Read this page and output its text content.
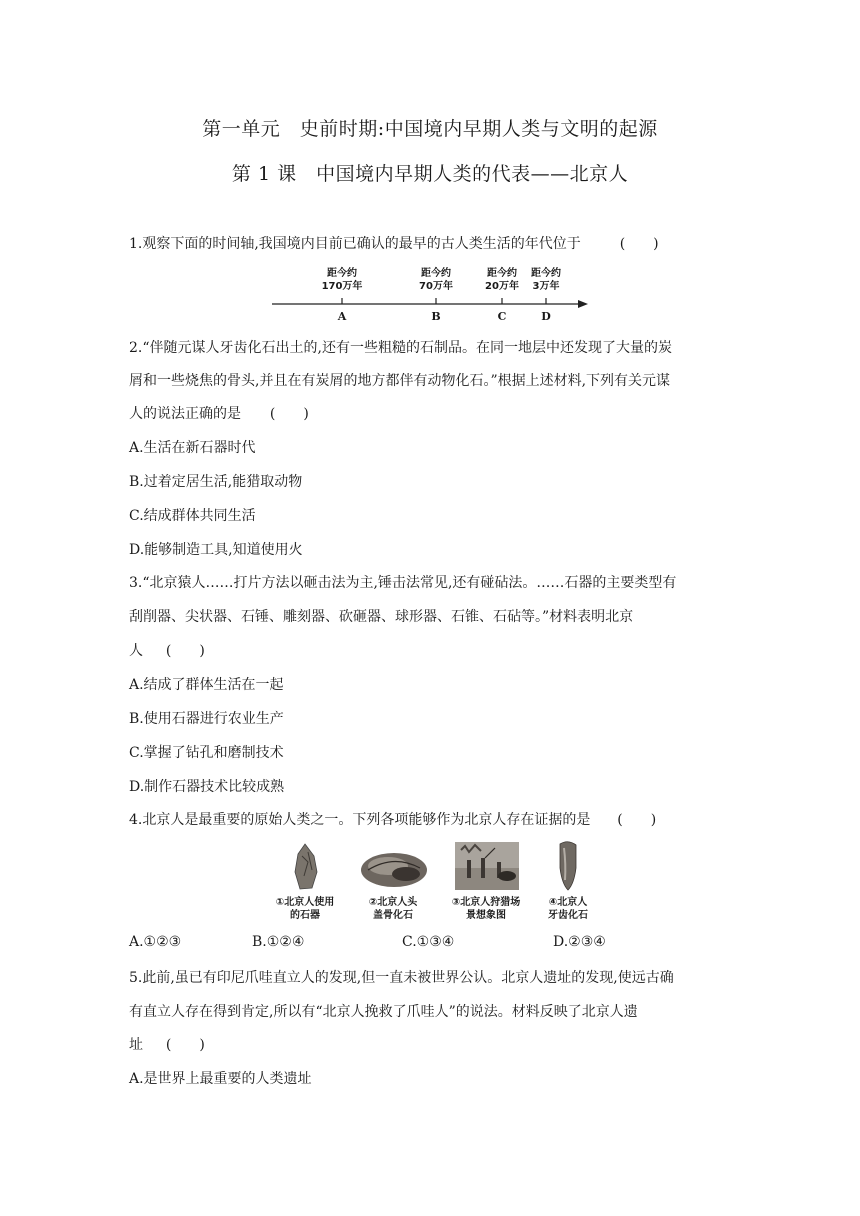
第一单元　史前时期:中国境内早期人类与文明的起源
第 1 课　中国境内早期人类的代表——北京人
1.观察下面的时间轴,我国境内目前已确认的最早的古人类生活的年代位于	(　　)
距今约
170万年
距今约
70万年
距今约
20万年
距今约
3万年
A	B	C	D
2.“伴随元谋人牙齿化石出土的,还有一些粗糙的石制品。在同一地层中还发现了大量的炭
屑和一些烧焦的骨头,并且在有炭屑的地方都伴有动物化石。”根据上述材料,下列有关元谋
人的说法正确的是 (　　)
A.生活在新石器时代
B.过着定居生活,能猎取动物
C.结成群体共同生活
D.能够制造工具,知道使用火
3.“北京猿人……打片方法以砸击法为主,锤击法常见,还有碰砧法。……石器的主要类型有
刮削器、尖状器、石锤、雕刻器、砍砸器、球形器、石锥、石砧等。”材料表明北京
人 (　　)
A.结成了群体生活在一起
B.使用石器进行农业生产
C.掌握了钻孔和磨制技术
D.制作石器技术比较成熟
4.北京人是最重要的原始人类之一。下列各项能够作为北京人存在证据的是 (　　)
①北京人使用
的石器
②北京人头
盖骨化石
③北京人狩猎场
景想象图
④北京人
牙齿化石
A.①②③	B.①②④	C.①③④	D.②③④
5.此前,虽已有印尼爪哇直立人的发现,但一直未被世界公认。北京人遗址的发现,使远古确
有直立人存在得到肯定,所以有“北京人挽救了爪哇人”的说法。材料反映了北京人遗
址 (　　)
A.是世界上最重要的人类遗址
